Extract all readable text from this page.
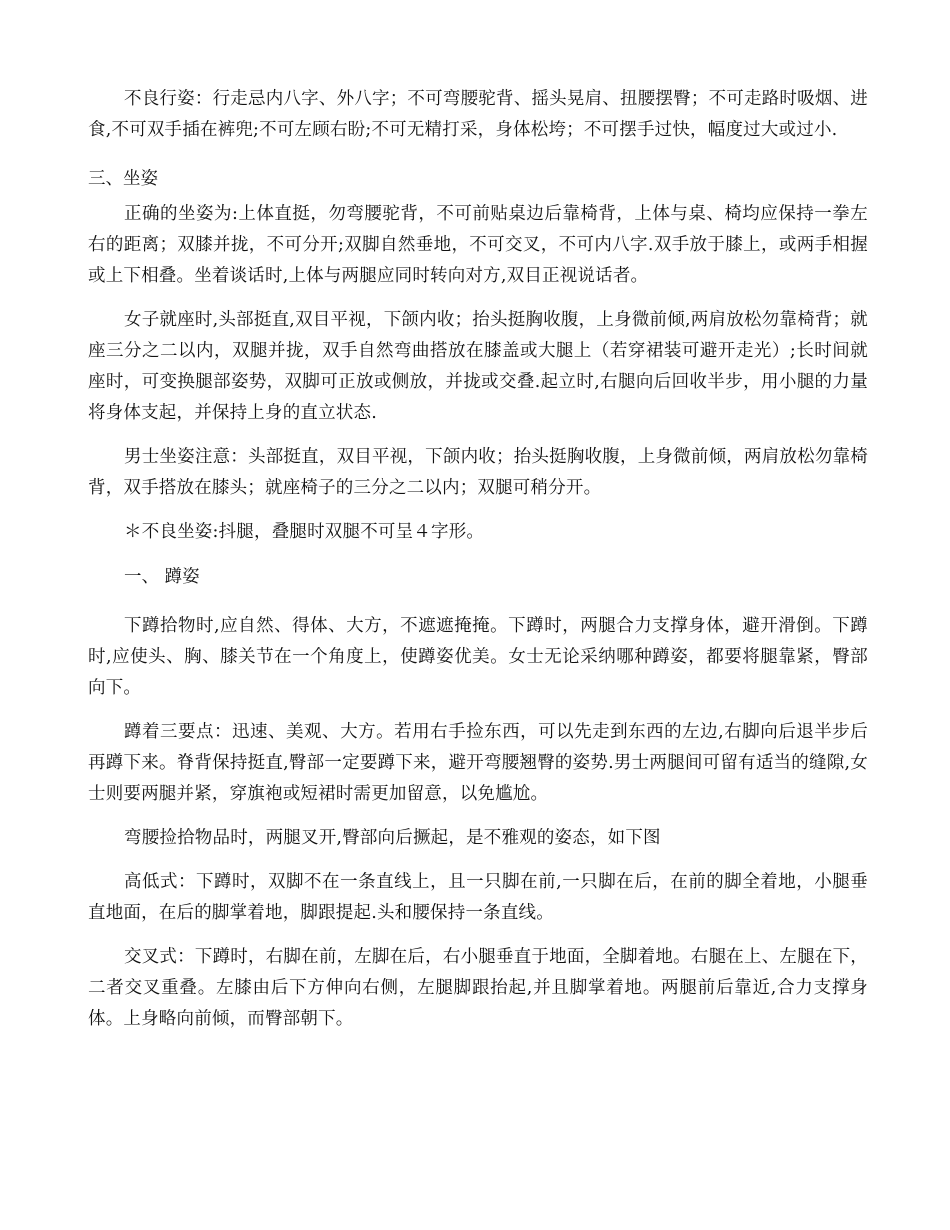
不良行姿：行走忌内八字、外八字；不可弯腰驼背、摇头晃肩、扭腰摆臀；不可走路时吸烟、进食,不可双手插在裤兜;不可左顾右盼;不可无精打采，身体松垮；不可摆手过快，幅度过大或过小.

三、坐姿

正确的坐姿为:上体直挺，勿弯腰驼背，不可前贴桌边后靠椅背，上体与桌、椅均应保持一拳左右的距离；双膝并拢，不可分开;双脚自然垂地，不可交叉，不可内八字.双手放于膝上，或两手相握或上下相叠。坐着谈话时,上体与两腿应同时转向对方,双目正视说话者。

女子就座时,头部挺直,双目平视，下颌内收；抬头挺胸收腹，上身微前倾,两肩放松勿靠椅背；就座三分之二以内，双腿并拢，双手自然弯曲搭放在膝盖或大腿上（若穿裙装可避开走光）;长时间就座时，可变换腿部姿势，双脚可正放或侧放，并拢或交叠.起立时,右腿向后回收半步，用小腿的力量将身体支起，并保持上身的直立状态.

男士坐姿注意：头部挺直，双目平视，下颌内收；抬头挺胸收腹，上身微前倾，两肩放松勿靠椅背，双手搭放在膝头；就座椅子的三分之二以内；双腿可稍分开。

＊不良坐姿:抖腿，叠腿时双腿不可呈４字形。

一、 蹲姿

下蹲拾物时,应自然、得体、大方，不遮遮掩掩。下蹲时，两腿合力支撑身体，避开滑倒。下蹲时,应使头、胸、膝关节在一个角度上，使蹲姿优美。女士无论采纳哪种蹲姿，都要将腿靠紧，臀部向下。

蹲着三要点：迅速、美观、大方。若用右手捡东西，可以先走到东西的左边,右脚向后退半步后再蹲下来。脊背保持挺直,臀部一定要蹲下来，避开弯腰翘臀的姿势.男士两腿间可留有适当的缝隙,女士则要两腿并紧，穿旗袍或短裙时需更加留意，以免尴尬。

弯腰捡拾物品时，两腿叉开,臀部向后撅起，是不雅观的姿态，如下图

高低式：下蹲时，双脚不在一条直线上，且一只脚在前,一只脚在后，在前的脚全着地，小腿垂直地面，在后的脚掌着地，脚跟提起.头和腰保持一条直线。

交叉式：下蹲时，右脚在前，左脚在后，右小腿垂直于地面，全脚着地。右腿在上、左腿在下，二者交叉重叠。左膝由后下方伸向右侧，左腿脚跟抬起,并且脚掌着地。两腿前后靠近,合力支撑身体。上身略向前倾，而臀部朝下。
